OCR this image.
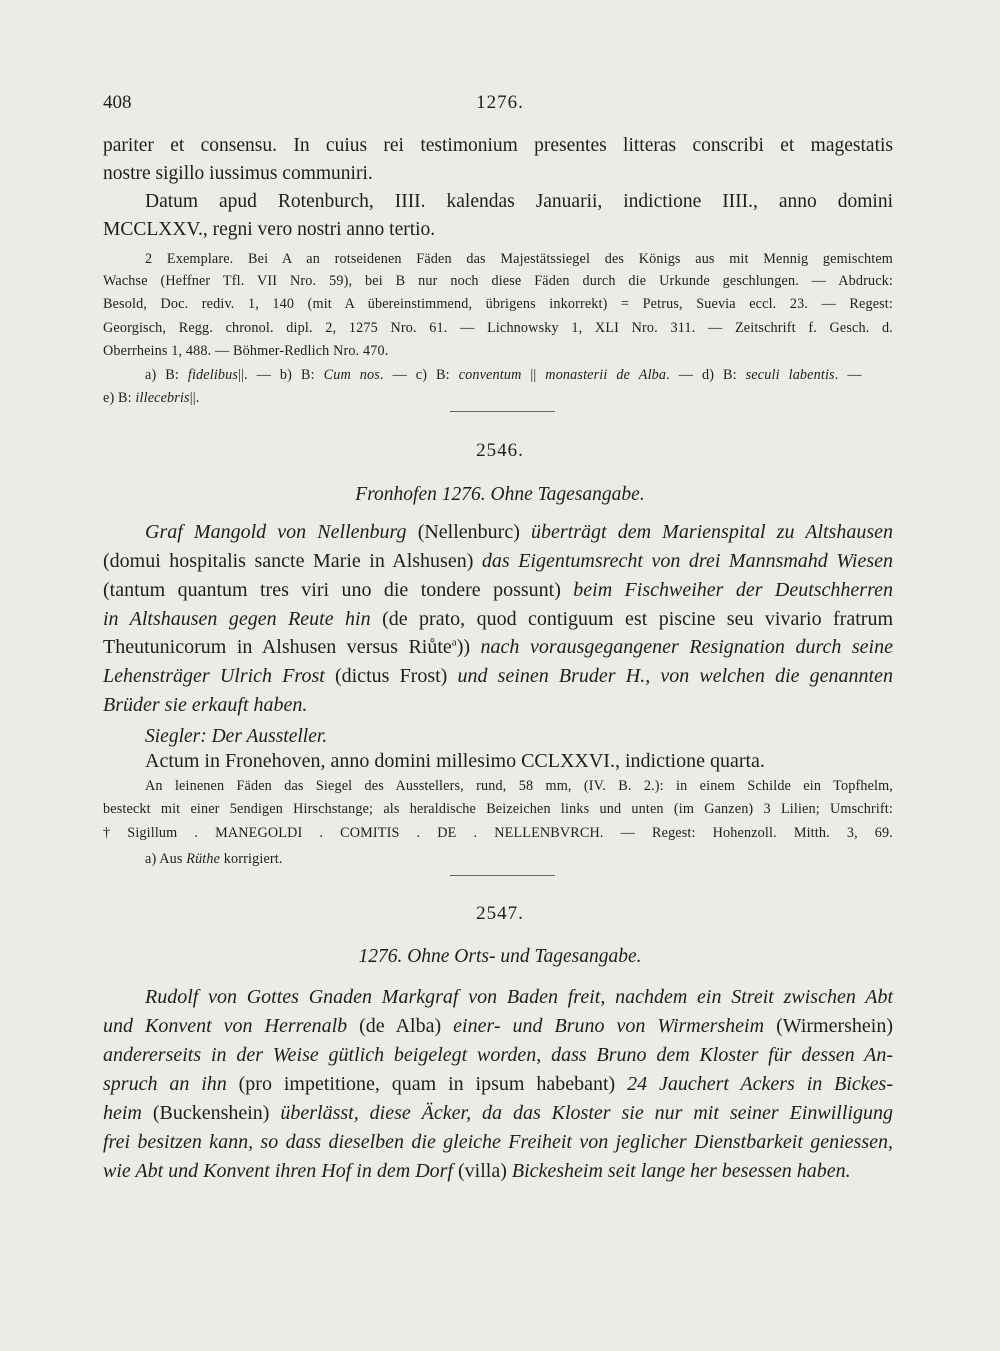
408	1276.
pariter et consensu. In cuius rei testimonium presentes litteras conscribi et magestatis
nostre sigillo iussimus communiri.
Datum apud Rotenburch, IIII. kalendas Januarii, indictione IIII., anno domini
MCCLXXV., regni vero nostri anno tertio.
2 Exemplare. Bei A an rotseidenen Fäden das Majestätssiegel des Königs aus mit Mennig gemischtem
Wachse (Heffner Tfl. VII Nro. 59), bei B nur noch diese Fäden durch die Urkunde geschlungen. — Abdruck:
Besold, Doc. rediv. 1, 140 (mit A übereinstimmend, übrigens inkorrekt) = Petrus, Suevia eccl. 23. — Regest:
Georgisch, Regg. chronol. dipl. 2, 1275 Nro. 61. — Lichnowsky 1, XLI Nro. 311. — Zeitschrift f. Gesch. d.
Oberrheins 1, 488. — Böhmer-Redlich Nro. 470.
a) B: fidelibus||. — b) B: Cum nos. — c) B: conventum || monasterii de Alba. — d) B: seculi labentis. —
e) B: illecebris||.
2546.
Fronhofen 1276. Ohne Tagesangabe.
Graf Mangold von Nellenburg (Nellenburc) überträgt dem Marienspital zu Altshausen
(domui hospitalis sancte Marie in Alshusen) das Eigentumsrecht von drei Mannsmahd Wiesen
(tantum quantum tres viri uno die tondere possunt) beim Fischweiher der Deutschherren
in Altshausen gegen Reute hin (de prato, quod contiguum est piscine seu vivario fratrum
Theutunicorum in Alshusen versus Riůte$^a$)) nach vorausgegangener Resignation durch seine
Lehensträger Ulrich Frost (dictus Frost) und seinen Bruder H., von welchen die genannten
Brüder sie erkauft haben.
Siegler: Der Aussteller.
Actum in Fronehoven, anno domini millesimo CCLXXVI., indictione quarta.
An leinenen Fäden das Siegel des Ausstellers, rund, 58 mm, (IV. B. 2.): in einem Schilde ein Topfhelm,
besteckt mit einer 5endigen Hirschstange; als heraldische Beizeichen links und unten (im Ganzen) 3 Lilien; Umschrift:
† Sigillum . MANEGOLDI . COMITIS . DE . NELLENBVRCH. — Regest: Hohenzoll. Mitth. 3, 69.
a) Aus Rüthe korrigiert.
2547.
1276. Ohne Orts- und Tagesangabe.
Rudolf von Gottes Gnaden Markgraf von Baden freit, nachdem ein Streit zwischen Abt
und Konvent von Herrenalb (de Alba) einer- und Bruno von Wirmersheim (Wirmershein)
andererseits in der Weise gütlich beigelegt worden, dass Bruno dem Kloster für dessen An-
spruch an ihn (pro impetitione, quam in ipsum habebant) 24 Jauchert Ackers in Bickes-
heim (Buckenshein) überlässt, diese Äcker, da das Kloster sie nur mit seiner Einwilligung
frei besitzen kann, so dass dieselben die gleiche Freiheit von jeglicher Dienstbarkeit geniessen,
wie Abt und Konvent ihren Hof in dem Dorf (villa) Bickesheim seit lange her besessen haben.
